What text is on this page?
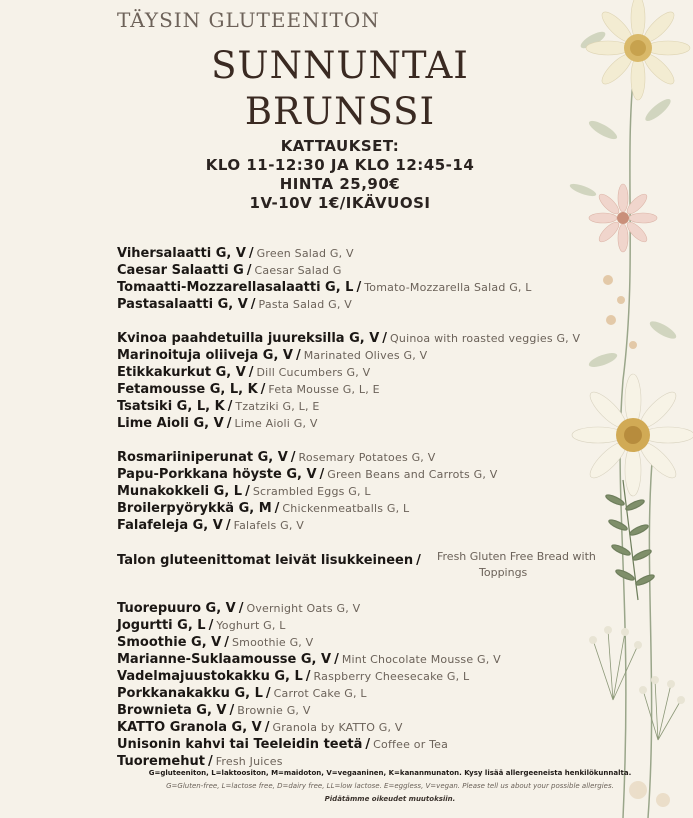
TÄYSIN GLUTEENITON
SUNNUNTAI
BRUNSSI
KATTAUKSET:
KLO 11-12:30 JA KLO 12:45-14
HINTA 25,90€
1V-10V 1€/IKÄVUOSI
Vihersalaatti G, V / Green Salad G, V
Caesar Salaatti G / Caesar Salad G
Tomaatti-Mozzarellasalaatti G, L / Tomato-Mozzarella Salad G, L
Pastasalaatti G, V / Pasta Salad G, V
Kvinoa paahdetuilla juureksilla G, V / Quinoa with roasted veggies G, V
Marinoituja oliiveja G, V / Marinated Olives G, V
Etikkakurkut G, V / Dill Cucumbers G, V
Fetamousse G, L, K / Feta Mousse G, L, E
Tsatsiki G, L, K / Tzatziki G, L, E
Lime Aioli G, V / Lime Aioli G, V
Rosmariiniperunat G, V / Rosemary Potatoes G, V
Papu-Porkkana höyste G, V / Green Beans and Carrots G, V
Munakokkeli G, L / Scrambled Eggs G, L
Broilerpyörykkä G, M / Chickenmeatballs G, L
Falafeleja G, V / Falafels G, V
Talon gluteenittomat leivät lisukkeineen / Fresh Gluten Free Bread with
Toppings
Tuorepuuro G, V / Overnight Oats G, V
Jogurtti G, L / Yoghurt G, L
Smoothie G, V / Smoothie G, V
Marianne-Suklaamousse G, V / Mint Chocolate Mousse G, V
Vadelmajuustokakku G, L / Raspberry Cheesecake G, L
Porkkanakakku G, L / Carrot Cake G, L
Brownieta G, V / Brownie G, V
KATTO Granola G, V / Granola by KATTO G, V
Unisonin kahvi tai Teeleidin teetä / Coffee or Tea
Tuoremehut / Fresh Juices
G=gluteeniton, L=laktoositon, M=maidoton, V=vegaaninen, K=kananmunaton. Kysy lisää allergeeneista henkilökunnalta.
G=Gluten-free, L=lactose free, D=dairy free, LL=low lactose. E=eggless, V=vegan. Please tell us about your possible allergies.
Pidätämme oikeudet muutoksiin.
